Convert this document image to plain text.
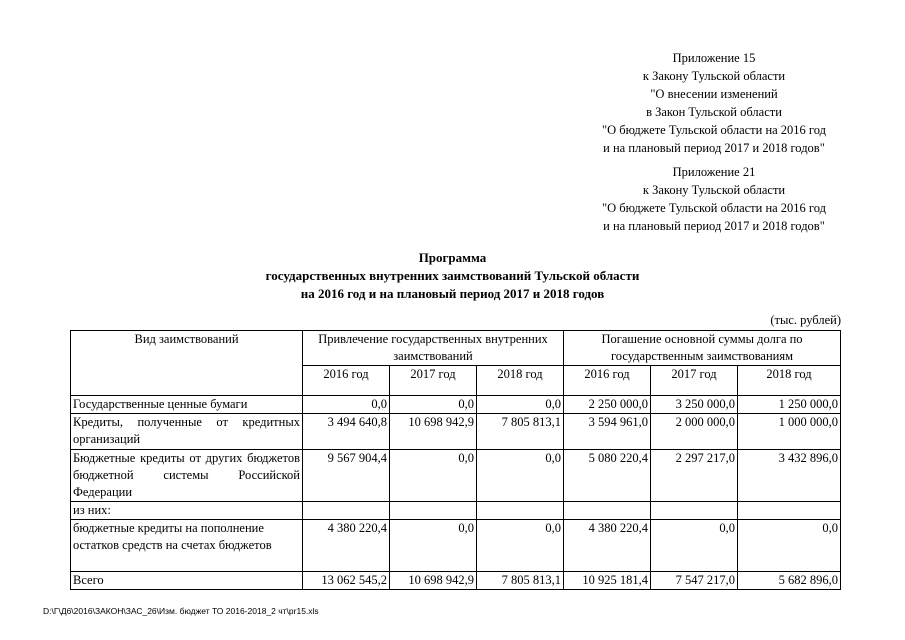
Приложение 15
к Закону Тульской области
"О внесении изменений
в Закон Тульской области
"О бюджете Тульской области на 2016 год
и на плановый период 2017 и 2018 годов"
Приложение 21
к Закону Тульской области
"О бюджете Тульской области на 2016 год
и на плановый период 2017 и 2018 годов"
Программа
государственных внутренних заимствований Тульской области
на 2016 год и на плановый период 2017 и 2018 годов
(тыс. рублей)
Вид заимствований	Привлечение государственных внутренних заимствований			Погашение основной суммы долга по государственным заимствованиям		
	2016 год	2017 год	2018 год	2016 год	2017 год	2018 год
Государственные ценные бумаги	0,0	0,0	0,0	2 250 000,0	3 250 000,0	1 250 000,0
Кредиты, полученные от кредитных организаций	3 494 640,8	10 698 942,9	7 805 813,1	3 594 961,0	2 000 000,0	1 000 000,0
Бюджетные кредиты от других бюджетов бюджетной системы Российской Федерации	9 567 904,4	0,0	0,0	5 080 220,4	2 297 217,0	3 432 896,0
из них:						
бюджетные кредиты на пополнение остатков средств на счетах бюджетов	4 380 220,4	0,0	0,0	4 380 220,4	0,0	0,0
Всего	13 062 545,2	10 698 942,9	7 805 813,1	10 925 181,4	7 547 217,0	5 682 896,0
D:\Г\Д6\2016\ЗАКОН\ЗАС_26\Изм. бюджет ТО 2016-2018_2 чт\pr15.xls
